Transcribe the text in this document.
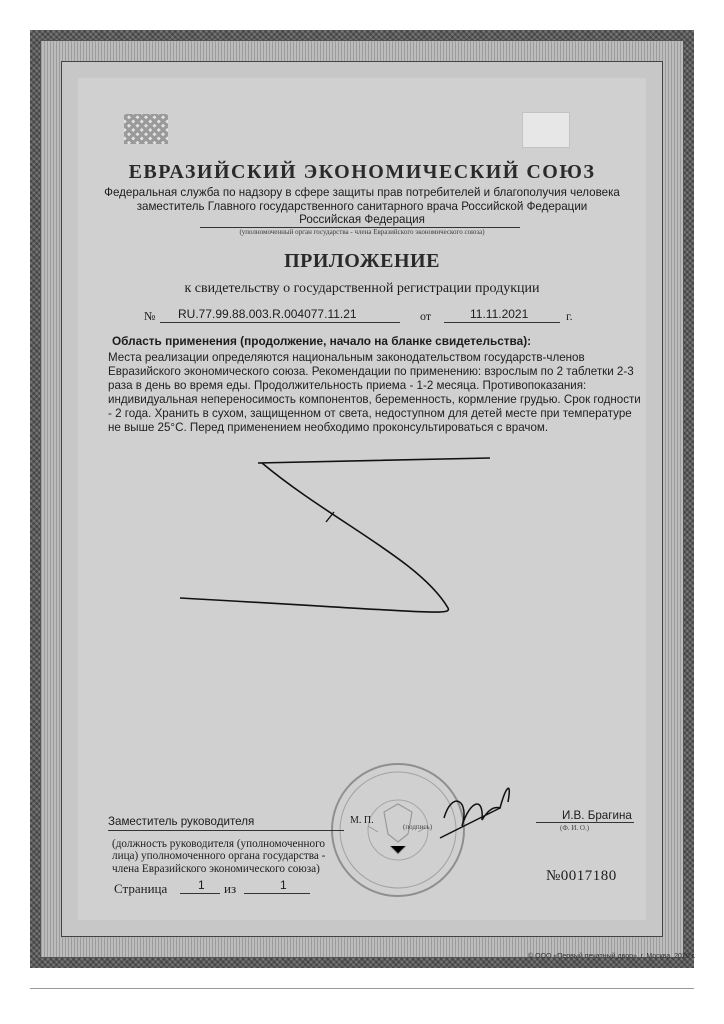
ЕВРАЗИЙСКИЙ ЭКОНОМИЧЕСКИЙ СОЮЗ
Федеральная служба по надзору в сфере защиты прав потребителей и благополучия человека
заместитель Главного государственного санитарного врача Российской Федерации
Российская Федерация
(уполномоченный орган государства - члена Евразийского экономического союза)
ПРИЛОЖЕНИЕ
к свидетельству о государственной регистрации продукции
№ RU.77.99.88.003.R.004077.11.21	от	11.11.2021	г.
Область применения (продолжение, начало на бланке свидетельства):
Места реализации определяются национальным законодательством государств-членов
Евразийского экономического союза. Рекомендации по применению: взрослым по 2 таблетки 2-3
раза в день во время еды. Продолжительность приема - 1-2 месяца. Противопоказания:
индивидуальная непереносимость компонентов, беременность, кормление грудью. Срок годности
- 2 года. Хранить в сухом, защищенном от света, недоступном для детей месте при температуре
не выше 25°С. Перед применением необходимо проконсультироваться с врачом.
Заместитель руководителя	М. П.
(подпись)
И.В. Брагина
(Ф. И. О.)
(должность руководителя (уполномоченного
лица) уполномоченного органа государства -
члена Евразийского экономического союза)
Страница	1 из	1
№0017180
© ООО «Первый печатный двор», г. Москва, 2020 г.
